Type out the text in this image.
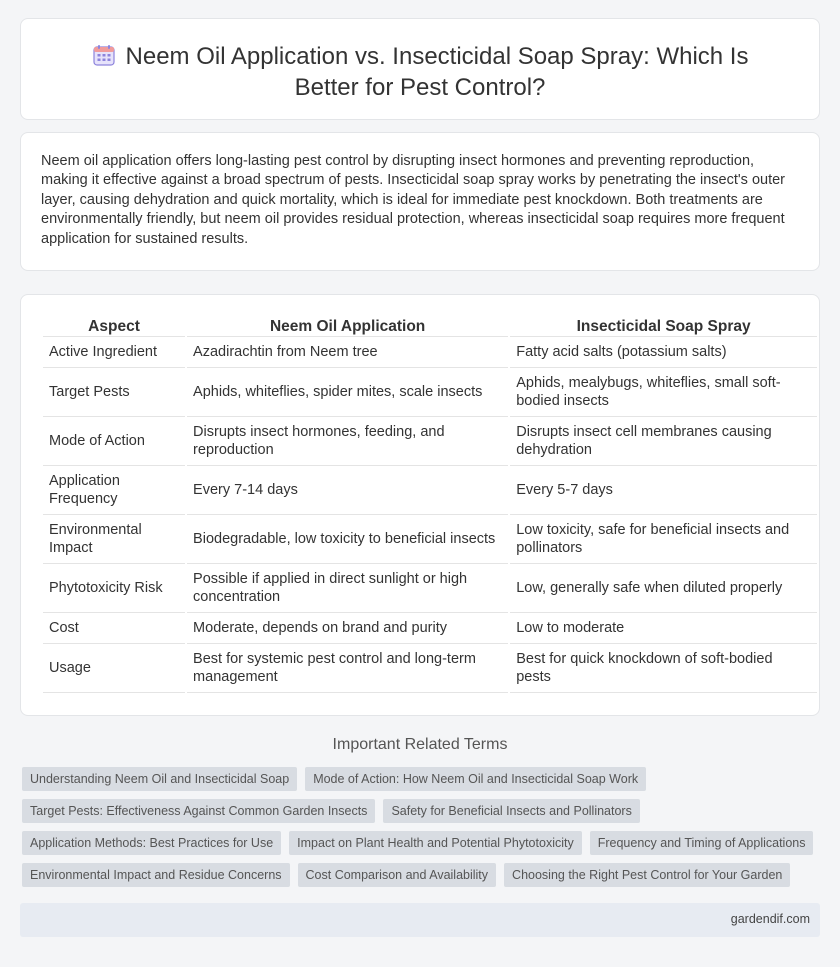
Neem Oil Application vs. Insecticidal Soap Spray: Which Is Better for Pest Control?

Neem oil application offers long-lasting pest control by disrupting insect hormones and preventing reproduction, making it effective against a broad spectrum of pests. Insecticidal soap spray works by penetrating the insect's outer layer, causing dehydration and quick mortality, which is ideal for immediate pest knockdown. Both treatments are environmentally friendly, but neem oil provides residual protection, whereas insecticidal soap requires more frequent application for sustained results.

Aspect	Neem Oil Application	Insecticidal Soap Spray
Active Ingredient	Azadirachtin from Neem tree	Fatty acid salts (potassium salts)
Target Pests	Aphids, whiteflies, spider mites, scale insects	Aphids, mealybugs, whiteflies, small soft-bodied insects
Mode of Action	Disrupts insect hormones, feeding, and reproduction	Disrupts insect cell membranes causing dehydration
Application Frequency	Every 7-14 days	Every 5-7 days
Environmental Impact	Biodegradable, low toxicity to beneficial insects	Low toxicity, safe for beneficial insects and pollinators
Phytotoxicity Risk	Possible if applied in direct sunlight or high concentration	Low, generally safe when diluted properly
Cost	Moderate, depends on brand and purity	Low to moderate
Usage	Best for systemic pest control and long-term management	Best for quick knockdown of soft-bodied pests
Important Related Terms
Understanding Neem Oil and Insecticidal Soap	Mode of Action: How Neem Oil and Insecticidal Soap Work
Target Pests: Effectiveness Against Common Garden Insects	Safety for Beneficial Insects and Pollinators
Application Methods: Best Practices for Use	Impact on Plant Health and Potential Phytotoxicity	Frequency and Timing of Applications
Environmental Impact and Residue Concerns	Cost Comparison and Availability	Choosing the Right Pest Control for Your Garden
gardendif.com
